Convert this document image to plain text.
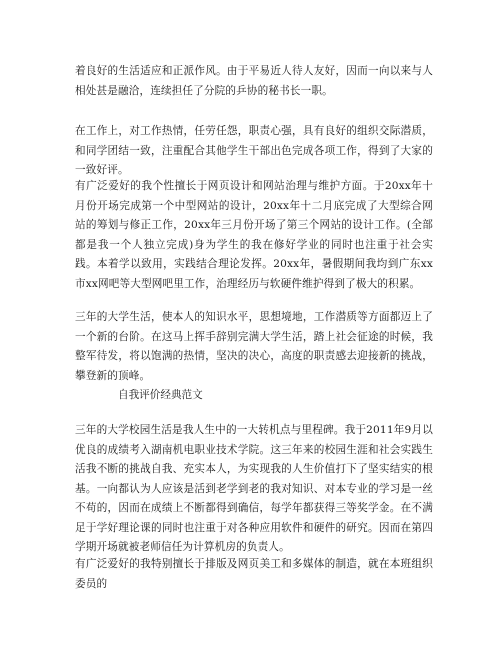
着良好的生活适应和正派作风。由于平易近人待人友好，因而一向以来与人相处甚是融洽，连续担任了分院的乒协的秘书长一职。

在工作上，对工作热情，任劳任怨，职责心强，具有良好的组织交际潜质，和同学团结一致，注重配合其他学生干部出色完成各项工作，得到了大家的一致好评。

有广泛爱好的我个性擅长于网页设计和网站治理与维护方面。于20xx年十月份开场完成第一个中型网站的设计，20xx年十二月底完成了大型综合网站的筹划与修正工作，20xx年三月份开场了第三个网站的设计工作。(全部都是我一个人独立完成)身为学生的我在修好学业的同时也注重于社会实践。本着学以致用，实践结合理论发挥。20xx年，暑假期间我均到广东xx市xx网吧等大型网吧里工作，治理经历与软硬件维护得到了极大的积累。

三年的大学生活，使本人的知识水平，思想境地，工作潜质等方面都迈上了一个新的台阶。在这马上挥手辞别完满大学生活，踏上社会征途的时候，我整军待发，将以饱满的热情，坚决的决心，高度的职责感去迎接新的挑战，攀登新的顶峰。

自我评价经典范文

三年的大学校园生活是我人生中的一大转机点与里程碑。我于2011年9月以优良的成绩考入湖南机电职业技术学院。这三年来的校园生涯和社会实践生活我不断的挑战自我、充实本人，为实现我的人生价值打下了坚实结实的根基。一向都认为人应该是活到老学到老的我对知识、对本专业的学习是一丝不苟的，因而在成绩上不断都得到确信，每学年都获得三等奖学金。在不满足于学好理论课的同时也注重于对各种应用软件和硬件的研究。因而在第四学期开场就被老师信任为计算机房的负责人。

有广泛爱好的我特别擅长于排版及网页美工和多媒体的制造，就在本班组织委员的
